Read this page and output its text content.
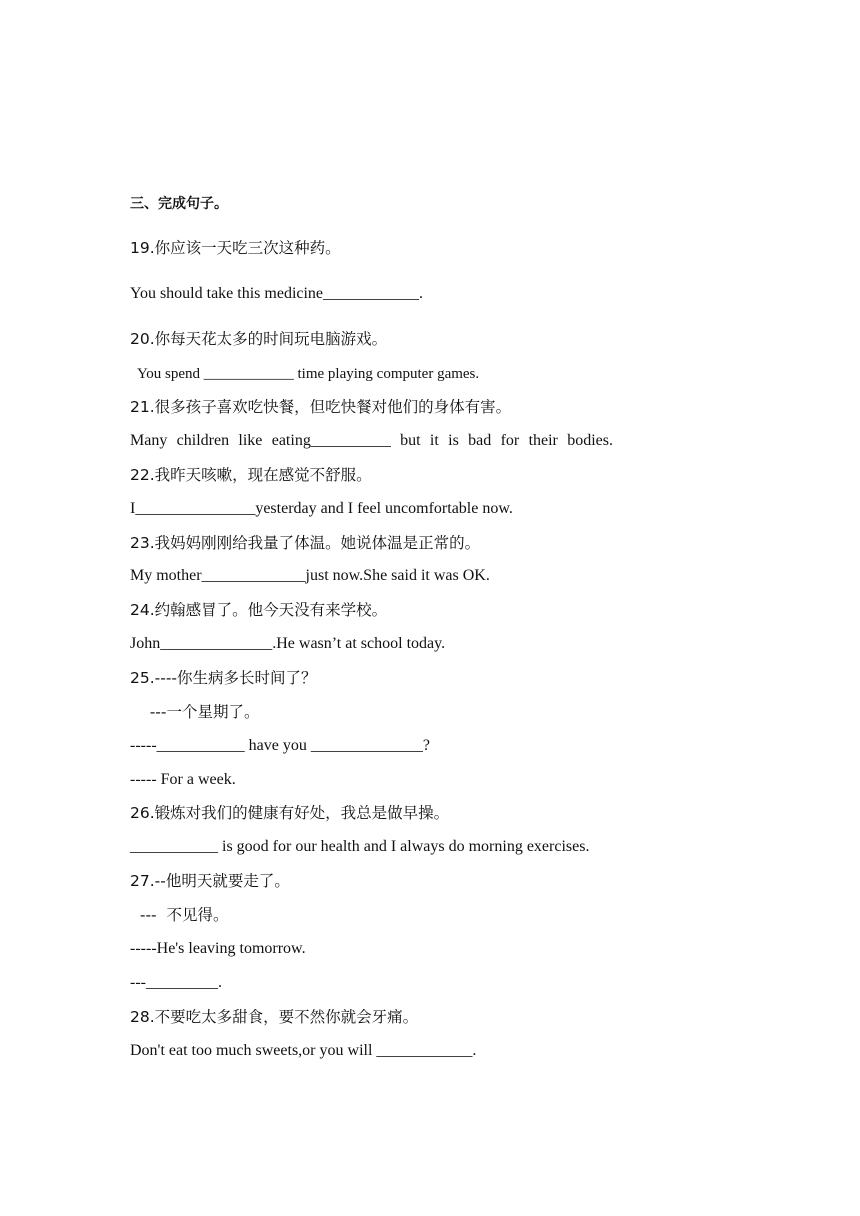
三、完成句子。
19.你应该一天吃三次这种药。
You should take this medicine____________.
20.你每天花太多的时间玩电脑游戏。
You spend ____________ time playing computer games.
21.很多孩子喜欢吃快餐，但吃快餐对他们的身体有害。
Many children like eating__________ but it is bad for their bodies.
22.我昨天咳嗽，现在感觉不舒服。
I_______________yesterday and I feel uncomfortable now.
23.我妈妈刚刚给我量了体温。她说体温是正常的。
My mother_____________just now.She said it was OK.
24.约翰感冒了。他今天没有来学校。
John______________.He wasn’t at school today.
25.----你生病多长时间了？
---一个星期了。
-----___________ have you ______________?
----- For a week.
26.锻炼对我们的健康有好处，我总是做早操。
___________ is good for our health and I always do morning exercises.
27.--他明天就要走了。
---  不见得。
-----He's leaving tomorrow.
---_________.
28.不要吃太多甜食，要不然你就会牙痛。
Don't eat too much sweets,or you will ____________.
